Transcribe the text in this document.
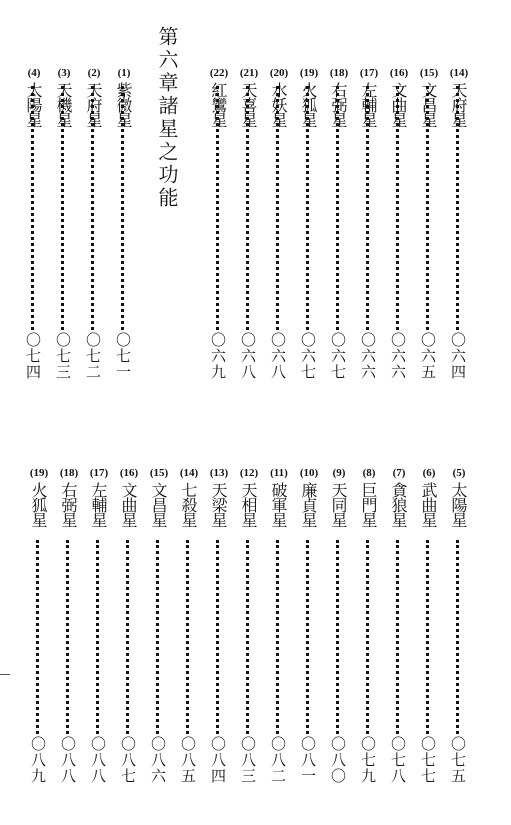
第六章諸星之功能
(1)
紫微星
〇七一
(2)
天府星
〇七二
(3)
天機星
〇七三
(4)
太陽星
〇七四
(14)
天府星
〇六四
(15)
文昌星
〇六五
(16)
文曲星
〇六六
(17)
左輔星
〇六六
(18)
右弼星
〇六七
(19)
火狐星
〇六七
(20)
水妖星
〇六八
(21)
天喜星
〇六八
(22)
紅鸞星
〇六九
(5)
太陽星
〇七五
(6)
武曲星
〇七七
(7)
貪狼星
〇七八
(8)
巨門星
〇七九
(9)
天同星
〇八〇
(10)
廉貞星
〇八一
(11)
破軍星
〇八二
(12)
天相星
〇八三
(13)
天梁星
〇八四
(14)
七殺星
〇八五
(15)
文昌星
〇八六
(16)
文曲星
〇八七
(17)
左輔星
〇八八
(18)
右弼星
〇八八
(19)
火狐星
〇八九
